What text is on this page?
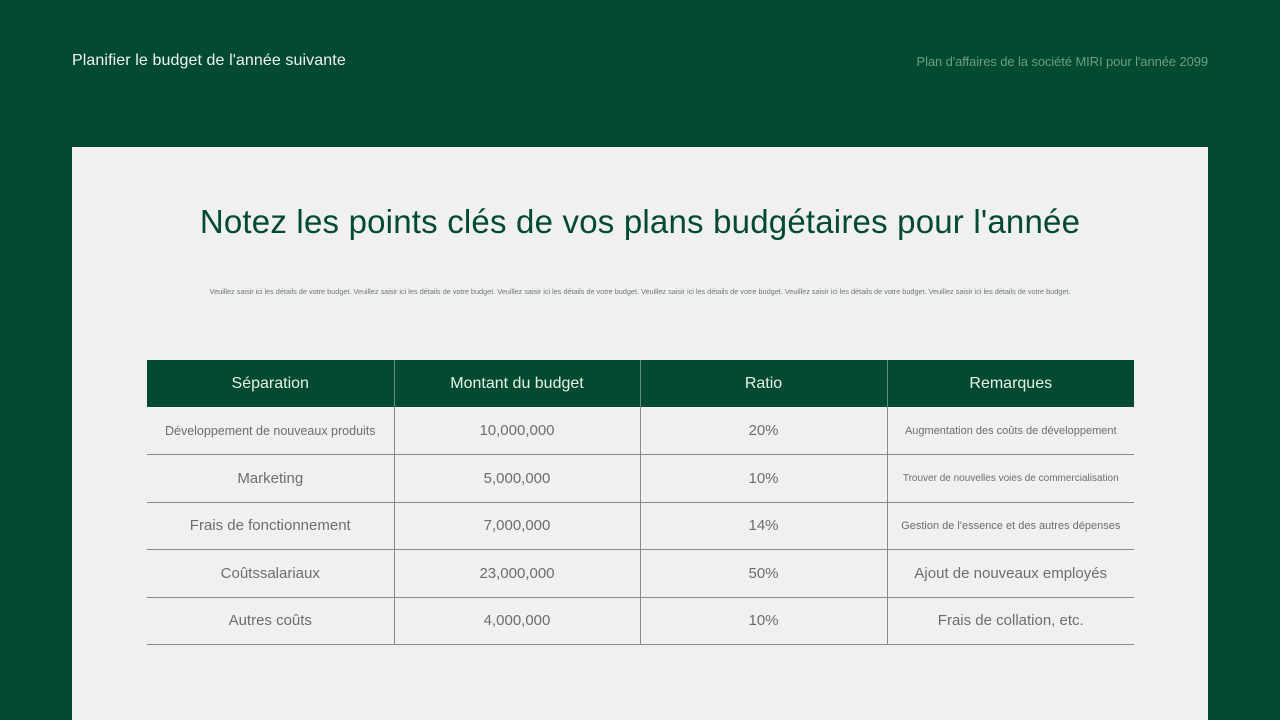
Planifier le budget de l'année suivante	Plan d'affaires de la société MIRI pour l'année 2099
Notez les points clés de vos plans budgétaires pour l'année
Veuillez saisir ici les détails de votre budget. Veuillez saisir ici les détails de votre budget. Veuillez saisir ici les détails de votre budget. Veuillez saisir ici les détails de votre budget. Veuillez saisir ici les détails de votre budget. Veuillez saisir ici les détails de votre budget.
Séparation	Montant du budget	Ratio	Remarques
Développement de nouveaux produits	10,000,000	20%	Augmentation des coûts de développement
Marketing	5,000,000	10%	Trouver de nouvelles voies de commercialisation
Frais de fonctionnement	7,000,000	14%	Gestion de l'essence et des autres dépenses
Coûtssalariaux	23,000,000	50%	Ajout de nouveaux employés
Autres coûts	4,000,000	10%	Frais de collation, etc.
